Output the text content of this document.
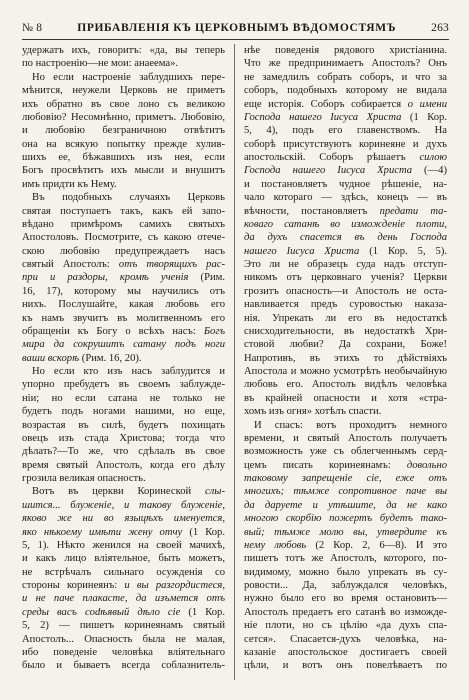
№ 8	ПРИБАВЛЕНІЯ КЪ ЦЕРКОВНЫМЪ ВѢДОМОСТЯМЪ	263
удержатъ ихъ, говоритъ: «да, вы теперь
по настроенію—не мои: анаеема».
Но если настроеніе заблудшихъ пере-
мѣнится, неужели Церковь не приметъ
ихъ обратно въ свое лоно съ великою
любовію? Несомнѣнно, приметъ. Любовію,
и любовію безграничною отвѣтитъ
она на всякую попытку прежде хулив-
шихъ ее, бѣжавшихъ изъ нея, если
Богъ просвѣтитъ ихъ мысли и внушитъ
имъ придти къ Нему.
Въ подобныхъ случаяхъ Церковь
святая поступаетъ такъ, какъ ей запо-
вѣдано примѣромъ самихъ святыхъ
Апостоловъ. Посмотрите, съ какою отече-
скою любовію предупреждаетъ насъ
святый Апостолъ: отъ творящихъ рас-
при и раздоры, кромѣ ученія (Рим.
16, 17), которому мы научились отъ
нихъ. Послушайте, какая любовь его
къ намъ звучитъ въ молитвенномъ его
обращеніи къ Богу о всѣхъ насъ: Богъ
мира да сокрушитъ сатану подъ ноги
ваши вскорѣ (Рим. 16, 20).
Но если кто изъ насъ заблудится и
упорно пребудетъ въ своемъ заблужде-
ніи; но если сатана не только не
будетъ подъ ногами нашими, но еще,
возрастая въ силѣ, будетъ похищать
овецъ изъ стада Христова; тогда что
дѣлать?—То же, что сдѣлалъ въ свое
время святый Апостолъ, когда его дѣлу
грозила великая опасность.
Вотъ въ церкви Коринеской слы-
шится... блуженіе, и такову блуженіе,
яково же ни во языцѣхъ именуется,
яко нѣкоему имѣти жену отчу (1 Кор.
5, 1). Нѣкто женился на своей мачихѣ,
и какъ лицо вліятельное, быть можетъ,
не встрѣчалъ сильнаго осужденія со
стороны коринеянъ: и вы разгордистеся,
и не паче плакасте, да изъмется отъ
среды васъ сodѣявый дѣло сіе (1 Кор.
5, 2) — пишетъ коринеянамъ святый
Апостолъ... Опасность была не малая,
ибо поведеніе человѣка вліятельнаго
было и бываетъ всегда соблазнитель-
нѣе поведенія рядового христіанина.
Что же предпринимаетъ Апостолъ? Онъ
не замедлилъ собрать соборъ, и что за
соборъ, подобныхъ которому не видала
еще исторія. Соборъ собирается о имени
Господа нашего Іисуса Христа (1 Кор.
5, 4), подъ его главенствомъ. На
соборѣ присутствуютъ коринеяне и духъ
апостольскій. Соборъ рѣшаетъ силою
Господа нашего Іисуса Христа (—4)
и постановляетъ чудное рѣшеніе, на-
чало котораго — здѣсь, конецъ — въ
вѣчности, постановляетъ предати та-
коваго сатанѣ во изможденіе плоти,
да духъ спасется въ день Господа
нашего Іисуса Христа (1 Кор. 5, 5).
Это ли не образецъ суда надъ отступ-
никомъ отъ церковнаго ученія? Церкви
грозитъ опасность—и Апостолъ не оста-
навливается предъ суровостью наказа-
нія. Упрекать ли его въ недостаткѣ
снисходительности, въ недостаткѣ Хри-
стовой любви? Да сохрани, Боже!
Напротивъ, въ этихъ то дѣйствіяхъ
Апостола и можно усмотрѣть необычайную
любовь его. Апостолъ видѣлъ человѣка
въ крайней опасности и хотя «стра-
хомъ изъ огня» хотѣлъ спасти.
И спасъ: вотъ проходитъ немного
времени, и святый Апостолъ получаетъ
возможность уже съ облегченнымъ серд-
цемъ писать коринеянамъ: довольно
таковому запрещеніе сіе, еже отъ
многихъ; тѣмже сопротивное паче вы
да даруете и утѣшите, да не како
многою скорбію пожертъ будетъ тако-
вый; тѣмже молю вы, утвердите къ
нему любовь (2 Кор. 2, 6—8). И это
пишетъ тотъ же Апостолъ, которого, по-
видимому, можно было упрекать въ су-
ровости... Да, заблуждался человѣкъ,
нужно было его во время остановить—
Апостолъ предаетъ его сатанѣ во изможде-
ніе плоти, но съ цѣлію «да духъ спа-
сется». Спасается-духъ человѣка, на-
казаніе апостольское достигаетъ своей
цѣли, и вотъ онъ повелѣваетъ по
